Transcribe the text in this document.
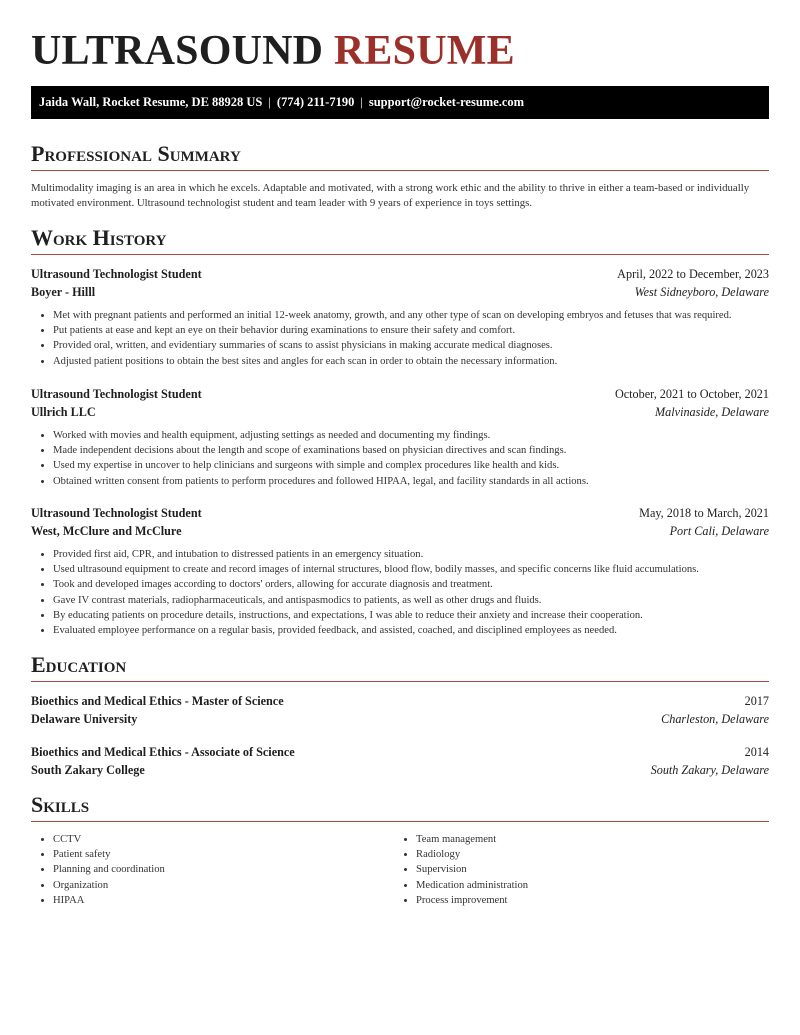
ULTRASOUND RESUME
Jaida Wall, Rocket Resume, DE 88928 US | (774) 211-7190 | support@rocket-resume.com
Professional Summary

Multimodality imaging is an area in which he excels. Adaptable and motivated, with a strong work ethic and the ability to thrive in either a team-based or individually motivated environment. Ultrasound technologist student and team leader with 9 years of experience in toys settings.

Work History
Ultrasound Technologist Student	April, 2022 to December, 2023
Boyer - Hilll	West Sidneyboro, Delaware
• Met with pregnant patients and performed an initial 12-week anatomy, growth, and any other type of scan on developing embryos and fetuses that was required.
• Put patients at ease and kept an eye on their behavior during examinations to ensure their safety and comfort.
• Provided oral, written, and evidentiary summaries of scans to assist physicians in making accurate medical diagnoses.
• Adjusted patient positions to obtain the best sites and angles for each scan in order to obtain the necessary information.
Ultrasound Technologist Student	October, 2021 to October, 2021
Ullrich LLC	Malvinaside, Delaware
• Worked with movies and health equipment, adjusting settings as needed and documenting my findings.
• Made independent decisions about the length and scope of examinations based on physician directives and scan findings.
• Used my expertise in uncover to help clinicians and surgeons with simple and complex procedures like health and kids.
• Obtained written consent from patients to perform procedures and followed HIPAA, legal, and facility standards in all actions.
Ultrasound Technologist Student	May, 2018 to March, 2021
West, McClure and McClure	Port Cali, Delaware
• Provided first aid, CPR, and intubation to distressed patients in an emergency situation.
• Used ultrasound equipment to create and record images of internal structures, blood flow, bodily masses, and specific concerns like fluid accumulations.
• Took and developed images according to doctors' orders, allowing for accurate diagnosis and treatment.
• Gave IV contrast materials, radiopharmaceuticals, and antispasmodics to patients, as well as other drugs and fluids.
• By educating patients on procedure details, instructions, and expectations, I was able to reduce their anxiety and increase their cooperation.
• Evaluated employee performance on a regular basis, provided feedback, and assisted, coached, and disciplined employees as needed.
Education
Bioethics and Medical Ethics - Master of Science	2017
Delaware University	Charleston, Delaware
Bioethics and Medical Ethics - Associate of Science	2014
South Zakary College	South Zakary, Delaware
Skills
• CCTV
• Patient safety
• Planning and coordination
• Organization
• HIPAA
• Team management
• Radiology
• Supervision
• Medication administration
• Process improvement
